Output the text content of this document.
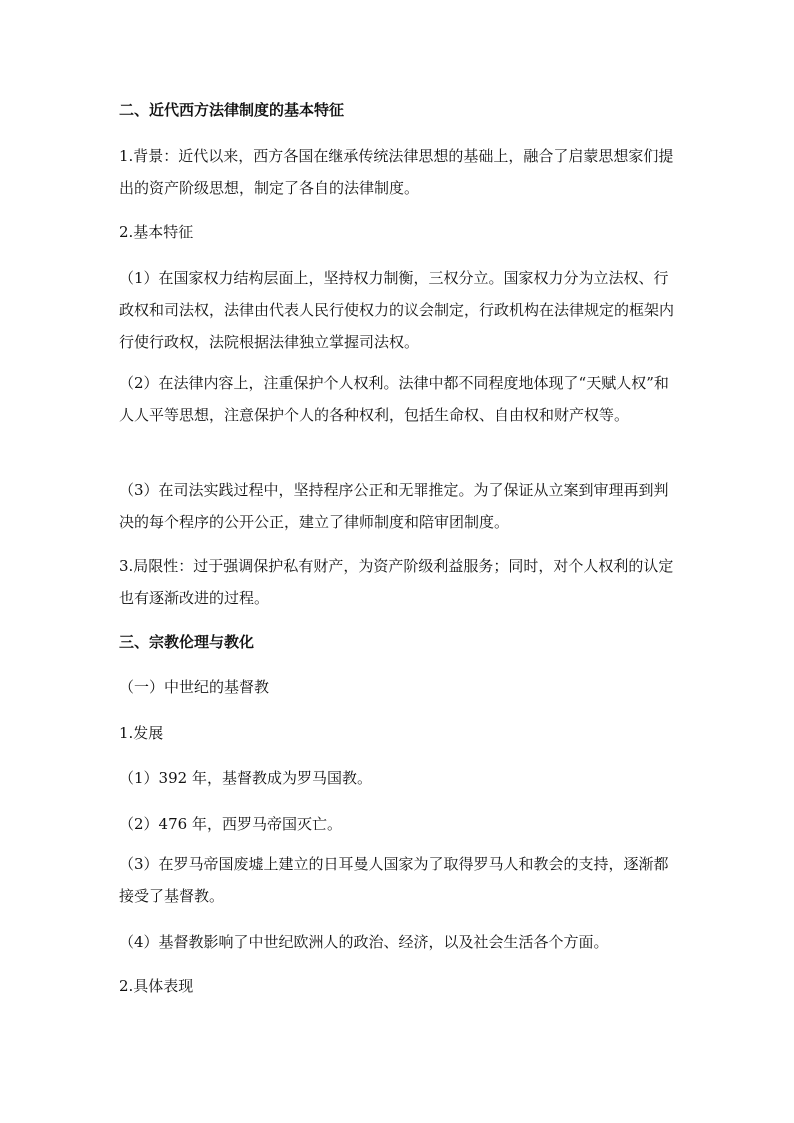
二、近代西方法律制度的基本特征

1.背景：近代以来，西方各国在继承传统法律思想的基础上，融合了启蒙思想家们提出的资产阶级思想，制定了各自的法律制度。

2.基本特征

（1）在国家权力结构层面上，坚持权力制衡，三权分立。国家权力分为立法权、行政权和司法权，法律由代表人民行使权力的议会制定，行政机构在法律规定的框架内行使行政权，法院根据法律独立掌握司法权。

（2）在法律内容上，注重保护个人权利。法律中都不同程度地体现了“天赋人权”和人人平等思想，注意保护个人的各种权利，包括生命权、自由权和财产权等。

（3）在司法实践过程中，坚持程序公正和无罪推定。为了保证从立案到审理再到判决的每个程序的公开公正，建立了律师制度和陪审团制度。

3.局限性：过于强调保护私有财产，为资产阶级利益服务；同时，对个人权利的认定也有逐渐改进的过程。

三、宗教伦理与教化

（一）中世纪的基督教

1.发展

（1）392 年，基督教成为罗马国教。

（2）476 年，西罗马帝国灭亡。

（3）在罗马帝国废墟上建立的日耳曼人国家为了取得罗马人和教会的支持，逐渐都接受了基督教。

（4）基督教影响了中世纪欧洲人的政治、经济，以及社会生活各个方面。

2.具体表现
